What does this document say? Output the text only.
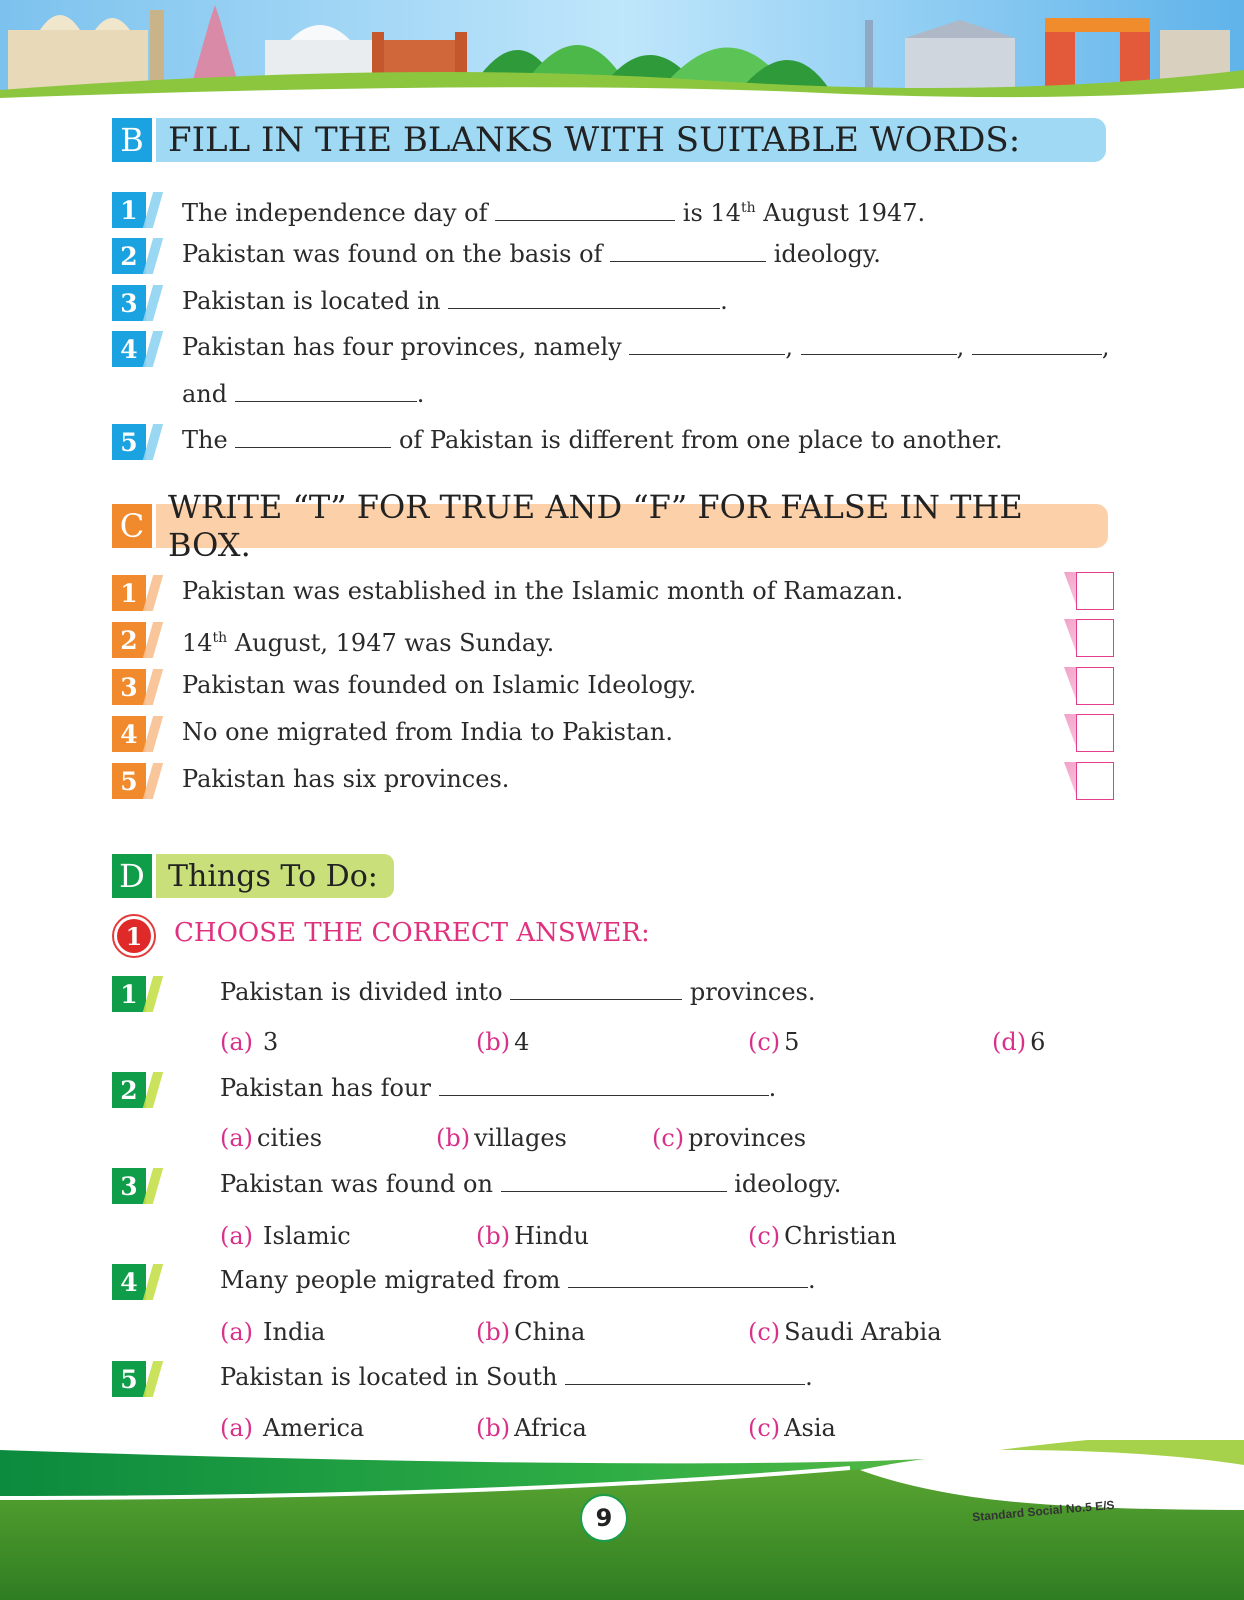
B FILL IN THE BLANKS WITH SUITABLE WORDS:
1	The independence day of	is 14th August 1947.
2	Pakistan was found on the basis of	ideology.
3	Pakistan is located in	.
4	Pakistan has four provinces, namely	,	,	,
and	.
5	The	of Pakistan is different from one place to another.
C WRITE “T” FOR TRUE AND “F” FOR FALSE IN THE BOX.
1	Pakistan was established in the Islamic month of Ramazan.
2	14th August, 1947 was Sunday.
3	Pakistan was founded on Islamic Ideology.
4	No one migrated from India to Pakistan.
5	Pakistan has six provinces.
D Things To Do:
1	CHOOSE THE CORRECT ANSWER:
1	Pakistan is divided into	provinces.
(a) 3	(b) 4	(c) 5	(d) 6
2	Pakistan has four	.
(a) cities	(b) villages	(c) provinces
3	Pakistan was found on	ideology.
(a) Islamic	(b) Hindu	(c) Christian
4	Many people migrated from	.
(a) India	(b) China	(c) Saudi Arabia
5	Pakistan is located in South	.
(a) America	(b) Africa	(c) Asia
9	Standard Social No.5 E/S
